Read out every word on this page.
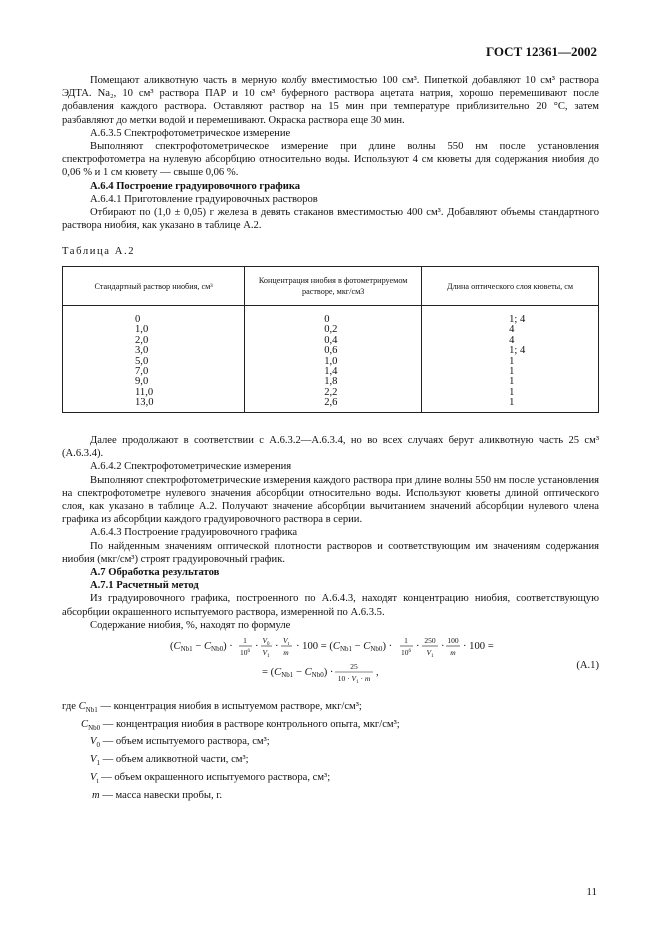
ГОСТ 12361—2002

Помещают аликвотную часть в мерную колбу вместимостью 100 см³. Пипеткой добавляют 10 см³ раствора ЭДТА. Na₂, 10 см³ раствора ПАР и 10 см³ буферного раствора ацетата натрия, хорошо перемешивают после добавления каждого раствора. Оставляют раствор на 15 мин при температуре приблизительно 20 °С, затем разбавляют до метки водой и перемешивают. Окраска раствора еще 30 мин.

А.6.3.5 Спектрофотометрическое измерение

Выполняют спектрофотометрическое измерение при длине волны 550 нм после установления спектрофотометра на нулевую абсорбцию относительно воды. Используют 4 см кюветы для содержания ниобия до 0,06 % и 1 см кювету — свыше 0,06 %.

А.6.4 Построение градуировочного графика

А.6.4.1 Приготовление градуировочных растворов

Отбирают по (1,0 ± 0,05) г железа в девять стаканов вместимостью 400 см³. Добавляют объемы стандартного раствора ниобия, как указано в таблице А.2.

Таблица А.2
Стандартный раствор ниобия, см³	Концентрация ниобия в фотометрируемом растворе, мкг/см3	Длина оптического слоя кюветы, см
0	0	1; 4
1,0	0,2	4
2,0	0,4	4
3,0	0,6	1; 4
5,0	1,0	1
7,0	1,4	1
9,0	1,8	1
11,0	2,2	1
13,0	2,6	1

Далее продолжают в соответствии с А.6.3.2—А.6.3.4, но во всех случаях берут аликвотную часть 25 см³ (А.6.3.4).

А.6.4.2 Спектрофотометрические измерения

Выполняют спектрофотометрические измерения каждого раствора при длине волны 550 нм после установления на спектрофотометре нулевого значения абсорбции относительно воды. Используют кюветы длиной оптического слоя, как указано в таблице А.2. Получают значение абсорбции вычитанием значений абсорбции нулевого члена графика из абсорбции каждого градуировочного раствора в серии.

А.6.4.3 Построение градуировочного графика

По найденным значениям оптической плотности растворов и соответствующим им значениям содержания ниобия (мкг/см³) строят градуировочный график.

А.7 Обработка результатов

А.7.1 Расчетный метод

Из градуировочного графика, построенного по А.6.4.3, находят концентрацию ниобия, соответствующую абсорбции окрашенного испытуемого раствора, измеренной по А.6.3.5.

Содержание ниобия, %, находят по формуле

(CNb1 − CNb0) ·
1
$10^6$ ·
$V_0$
$V_1$
·
$V_t$
m
· 100 = (CNb1 − CNb0) ·
1
$10^6$ ·
250
$V_1$
·
100
m
· 100 =
= (CNb1 − CNb0) ·
25
$10 \cdot V_1 \cdot m$
,
(А.1)
где $C_{Nb1}$ — концентрация ниобия в испытуемом растворе, мкг/см³;
$C_{Nb0}$ — концентрация ниобия в растворе контрольного опыта, мкг/см³;
$V_0$ — объем испытуемого раствора, см³;
$V_1$ — объем аликвотной части, см³;
$V_t$ — объем окрашенного испытуемого раствора, см³;
m — масса навески пробы, г.
11
